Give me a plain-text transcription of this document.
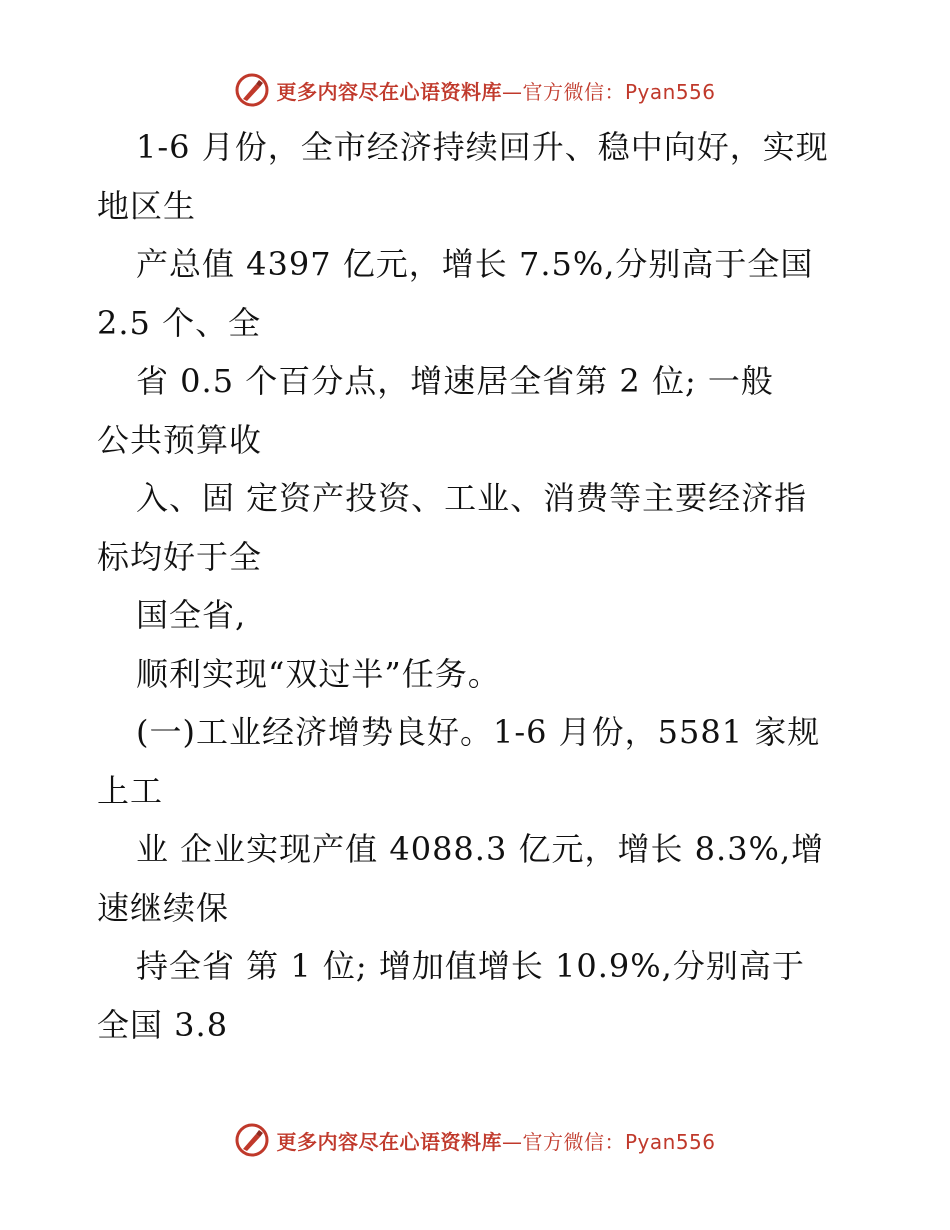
更多内容尽在心语资料库—官方微信：Pyan556
1-6 月份，全市经济持续回升、稳中向好，实现
地区生
产总值 4397 亿元，增长 7.5%,分别高于全国
2.5 个、全
省 0.5 个百分点，增速居全省第 2 位; 一般
公共预算收
入、固 定资产投资、工业、消费等主要经济指
标均好于全
国全省,
顺利实现“双过半”任务。
(一)工业经济增势良好。1-6 月份，5581 家规
上工
业 企业实现产值 4088.3 亿元，增长 8.3%,增
速继续保
持全省 第 1 位; 增加值增长 10.9%,分别高于
全国 3.8
更多内容尽在心语资料库—官方微信：Pyan556
